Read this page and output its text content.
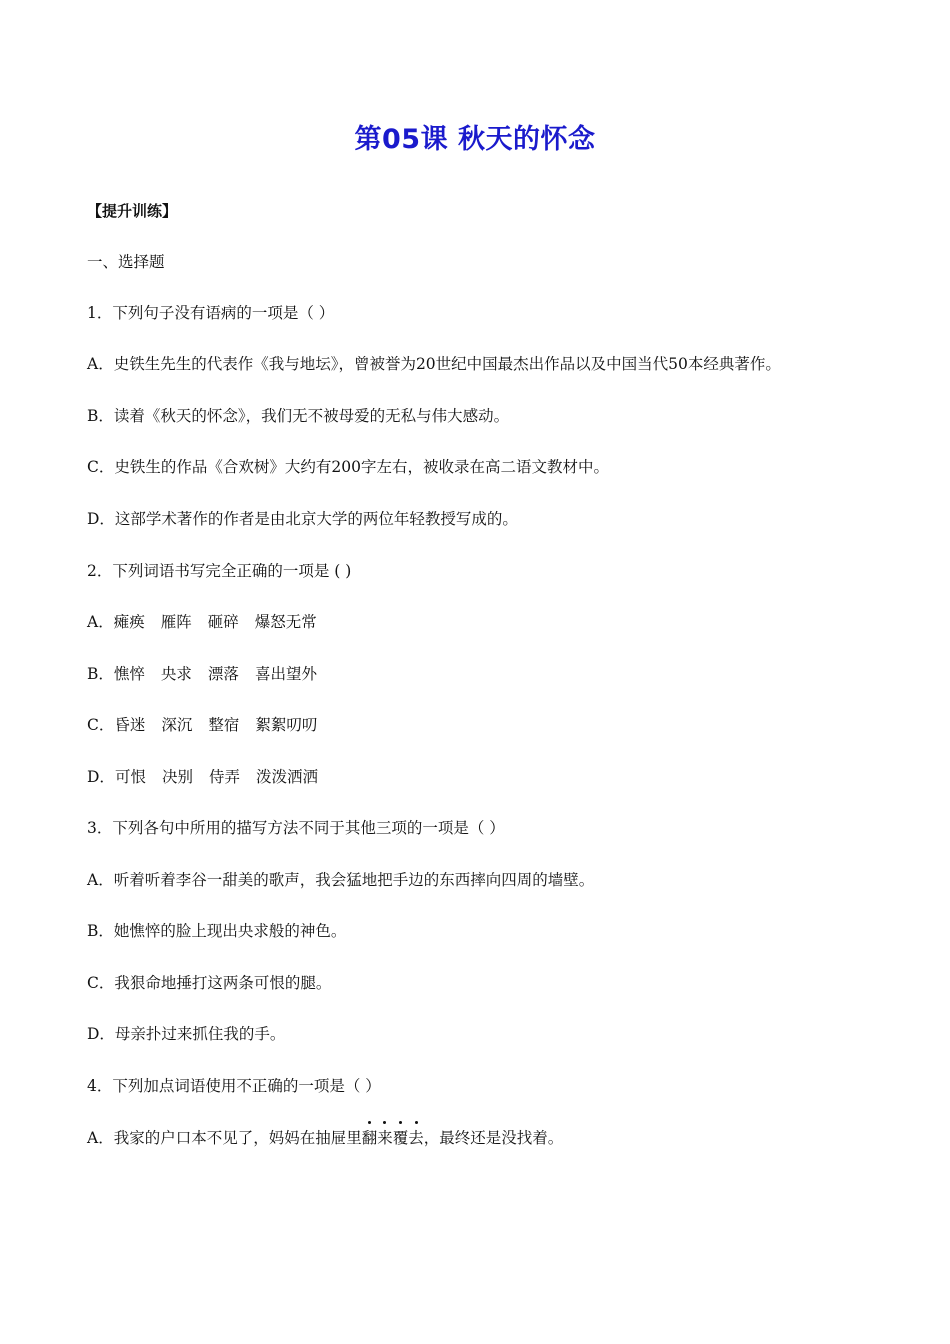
第05课 秋天的怀念
【提升训练】
一、选择题
1．下列句子没有语病的一项是（ ）
A．史铁生先生的代表作《我与地坛》，曾被誉为20世纪中国最杰出作品以及中国当代50本经典著作。
B．读着《秋天的怀念》，我们无不被母爱的无私与伟大感动。
C．史铁生的作品《合欢树》大约有200字左右，被收录在高二语文教材中。
D．这部学术著作的作者是由北京大学的两位年轻教授写成的。
2．下列词语书写完全正确的一项是 ( )
A．瘫痪 雁阵 砸碎 爆怒无常
B．憔悴 央求 漂落 喜出望外
C．昏迷 深沉 整宿 絮絮叨叨
D．可恨 决别 侍弄 泼泼洒洒
3．下列各句中所用的描写方法不同于其他三项的一项是（ ）
A．听着听着李谷一甜美的歌声，我会猛地把手边的东西摔向四周的墙壁。
B．她憔悴的脸上现出央求般的神色。
C．我狠命地捶打这两条可恨的腿。
D．母亲扑过来抓住我的手。
4．下列加点词语使用不正确的一项是（ ）
A．我家的户口本不见了，妈妈在抽屉里翻来覆去，最终还是没找着。
